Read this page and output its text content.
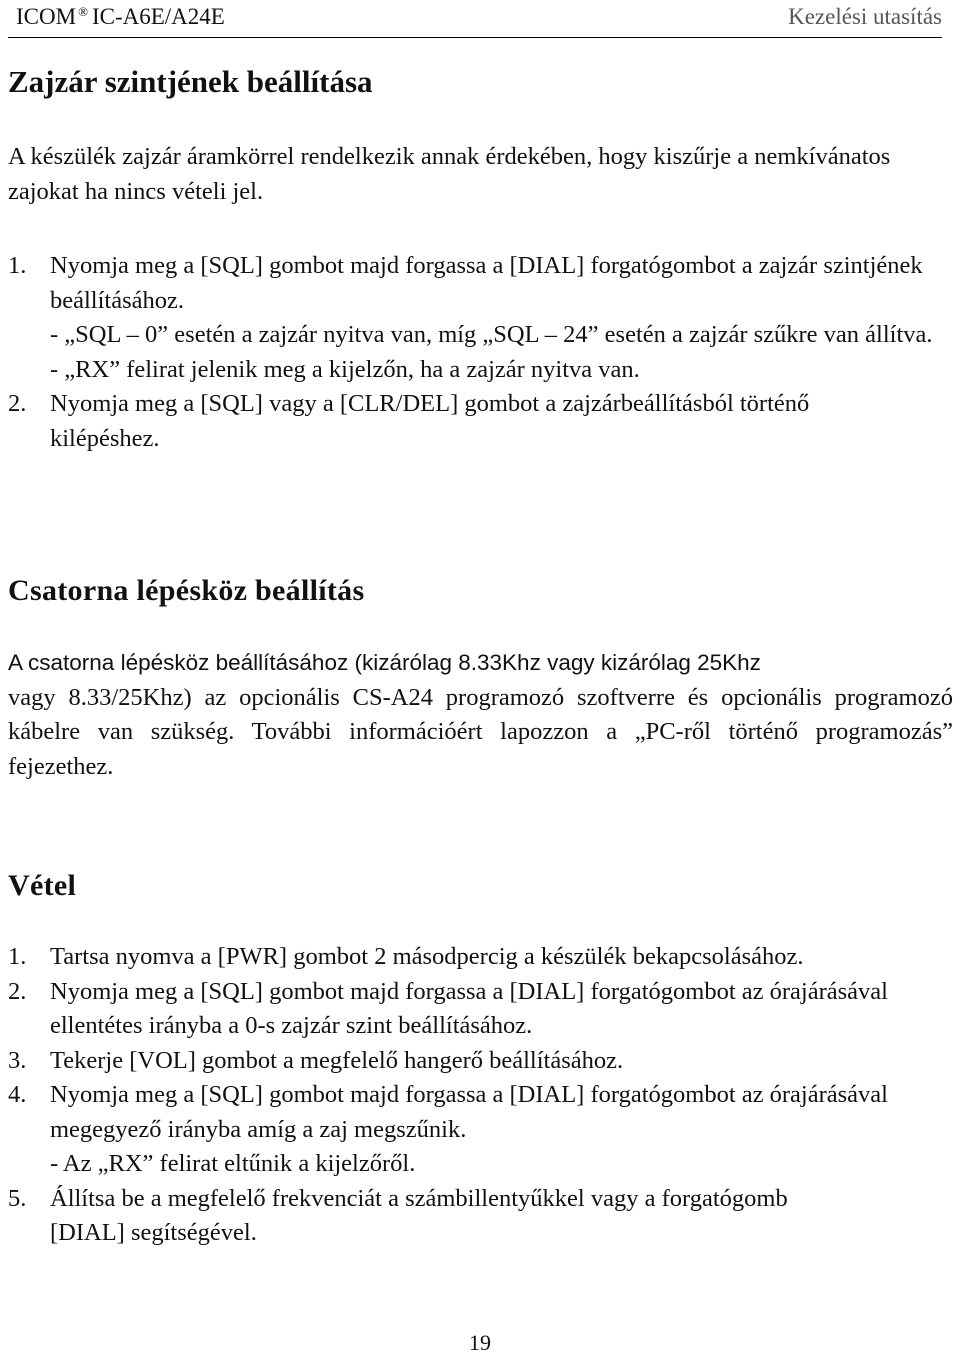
ICOM ® IC-A6E/A24E	Kezelési utasítás
Zajzár szintjének beállítása

A készülék zajzár áramkörrel rendelkezik annak érdekében, hogy kiszűrje a nemkívánatos zajokat ha nincs vételi jel.

1. Nyomja meg a [SQL] gombot majd forgassa a [DIAL] forgatógombot a zajzár szintjének beállításához.
- „SQL – 0” esetén a zajzár nyitva van, míg „SQL – 24” esetén a zajzár szűkre van állítva.
- „RX” felirat jelenik meg a kijelzőn, ha a zajzár nyitva van.
2. Nyomja meg a [SQL] vagy a [CLR/DEL] gombot a zajzárbeállításból történő kilépéshez.
Csatorna lépésköz beállítás
A csatorna lépésköz beállításához (kizárólag 8.33Khz vagy kizárólag 25Khz
vagy 8.33/25Khz) az opcionális CS-A24 programozó szoftverre és opcionális programozó kábelre van szükség. További információért lapozzon a „PC-ről történő programozás” fejezethez.
Vétel
1. Tartsa nyomva a [PWR] gombot 2 másodpercig a készülék bekapcsolásához.
2. Nyomja meg a [SQL] gombot majd forgassa a [DIAL] forgatógombot az órajárásával ellentétes irányba a 0-s zajzár szint beállításához.
3. Tekerje [VOL] gombot a megfelelő hangerő beállításához.
4. Nyomja meg a [SQL] gombot majd forgassa a [DIAL] forgatógombot az órajárásával megegyező irányba amíg a zaj megszűnik.
- Az „RX” felirat eltűnik a kijelzőről.
5. Állítsa be a megfelelő frekvenciát a számbillentyűkkel vagy a forgatógomb [DIAL] segítségével.
19
